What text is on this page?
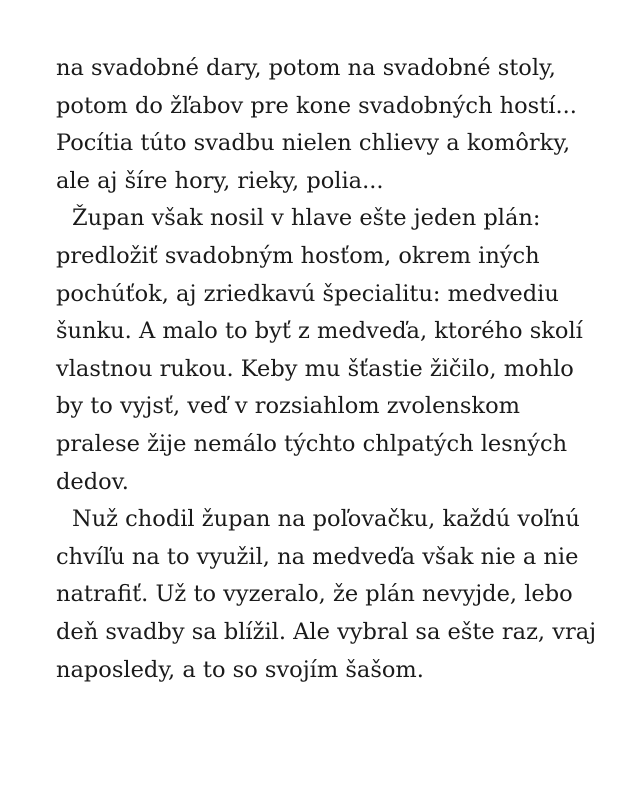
na svadobné dary, potom na svadobné stoly,
potom do žľabov pre kone svadobných hostí...
Pocítia túto svadbu nielen chlievy a komôrky,
ale aj šíre hory, rieky, polia...
Župan však nosil v hlave ešte jeden plán:
predložiť svadobným hosťom, okrem iných
pochúťok, aj zriedkavú špecialitu: medvediu
šunku. A malo to byť z medveďa, ktorého skolí
vlastnou rukou. Keby mu šťastie žičilo, mohlo
by to vyjsť, veď v rozsiahlom zvolenskom
pralese žije nemálo týchto chlpatých lesných
dedov.
Nuž chodil župan na poľovačku, každú voľnú
chvíľu na to využil, na medveďa však nie a nie
natrafiť. Už to vyzeralo, že plán nevyjde, lebo
deň svadby sa blížil. Ale vybral sa ešte raz, vraj
naposledy, a to so svojím šašom.
